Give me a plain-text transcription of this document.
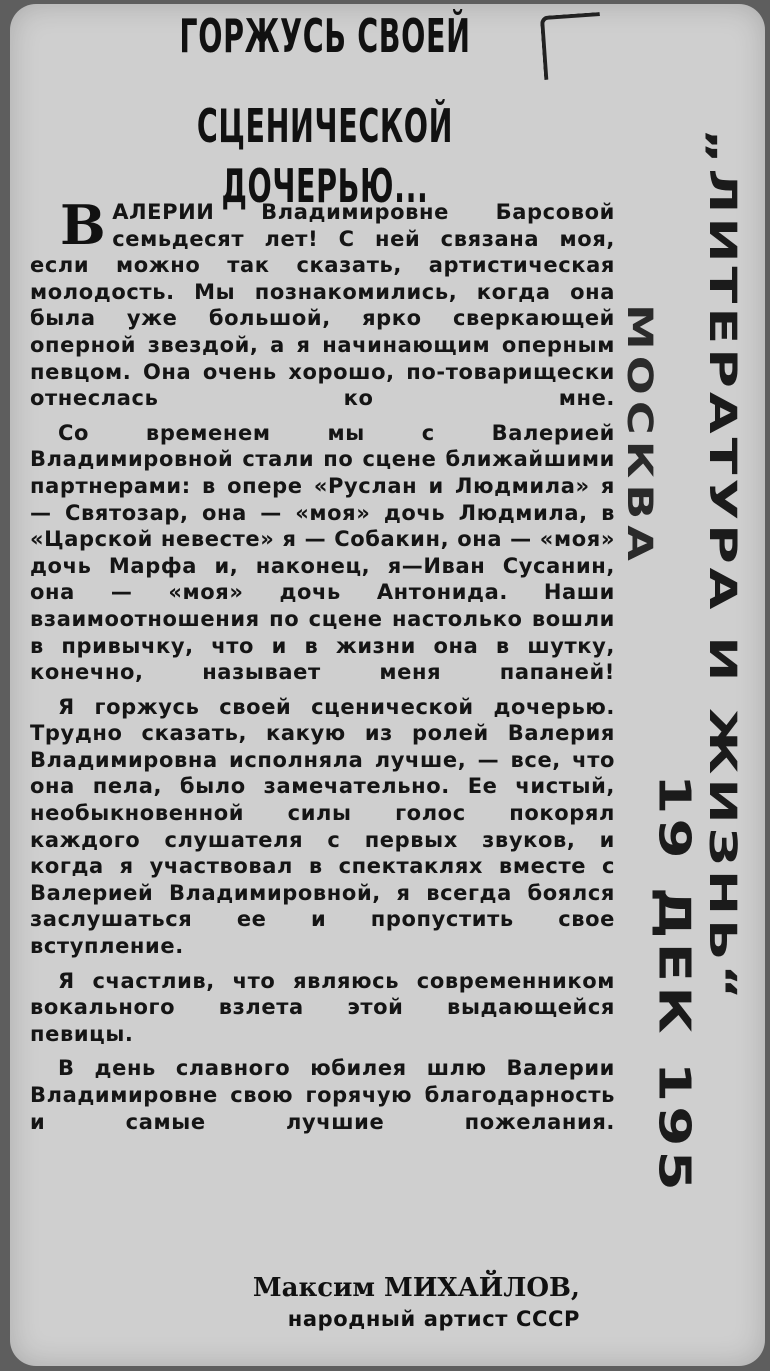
ГОРЖУСЬ СВОЕЙ
СЦЕНИЧЕСКОЙ ДОЧЕРЬЮ...

ВАЛЕРИИ Владимировне Барсовой семьдесят лет! С ней связана моя, если можно так сказать, артистическая молодость. Мы познакомились, когда она была уже большой, ярко сверкающей оперной звездой, а я начинающим оперным певцом. Она очень хорошо, по-товарищески отнеслась ко мне.

Со временем мы с Валерией Владимировной стали по сцене ближайшими партнерами: в опере «Руслан и Людмила» я — Святозар, она — «моя» дочь Людмила, в «Царской невесте» я — Собакин, она — «моя» дочь Марфа и, наконец, я—Иван Сусанин, она — «моя» дочь Антонида. Наши взаимоотношения по сцене настолько вошли в привычку, что и в жизни она в шутку, конечно, называет меня папаней!

Я горжусь своей сценической дочерью. Трудно сказать, какую из ролей Валерия Владимировна исполняла лучше, — все, что она пела, было замечательно. Ее чистый, необыкновенной силы голос покорял каждого слушателя с первых звуков, и когда я участвовал в спектаклях вместе с Валерией Владимировной, я всегда боялся заслушаться ее и пропустить свое вступление.

Я счастлив, что являюсь современником вокального взлета этой выдающейся певицы.

В день славного юбилея шлю Валерии Владимировне свою горячую благодарность и самые лучшие пожелания.

Максим МИХАЙЛОВ,
народный артист СССР
„ЛИТЕРАТУРА И ЖИЗНЬ“
МОСКВА
19 ДЕК 195
